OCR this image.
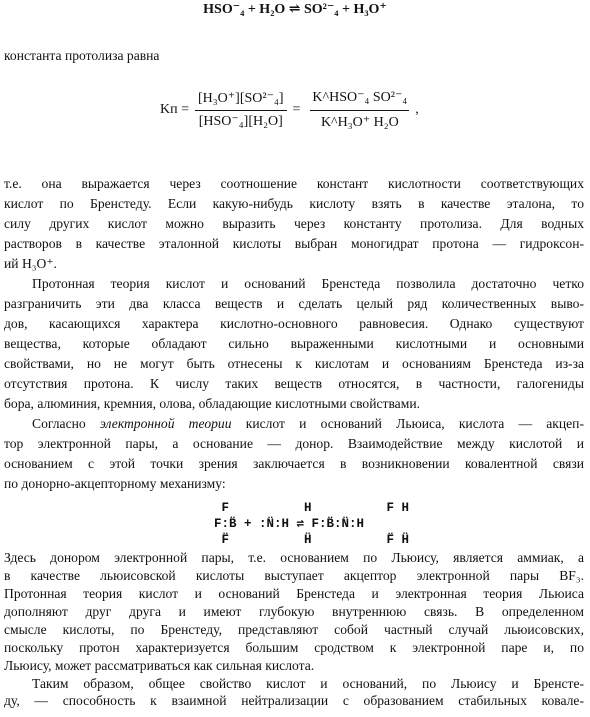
HSO⁻₄ + H₂O ⇌ SO²⁻₄ + H₃O⁺
константа протолиза равна
Kп = $\frac{\text{[H₃O⁺][SO²⁻₄]}}{\text{[HSO⁻₄][H₂O]}}$ =
K^HSO⁻₄ SO²⁻₄
K^H₃O⁺ H₂O
,
т.е. она выражается через соотношение констант кислотности соответствующих
кислот по Бренстеду. Если какую-нибудь кислоту взять в качестве эталона, то
силу других кислот можно выразить через константу протолиза. Для водных
растворов в качестве эталонной кислоты выбран моногидрат протона — гидроксон-
ий H₃O⁺.
Протонная теория кислот и оснований Бренстеда позволила достаточно четко
разграничить эти два класса веществ и сделать целый ряд количественных выво-
дов, касающихся характера кислотно-основного равновесия. Однако существуют
вещества, которые обладают сильно выраженными кислотными и основными
свойствами, но не могут быть отнесены к кислотам и основаниям Бренстеда из-за
отсутствия протона. К числу таких веществ относятся, в частности, галогениды
бора, алюминия, кремния, олова, обладающие кислотными свойствами.
Согласно электронной теории кислот и оснований Льюиса, кислота — акцеп-
тор электронной пары, а основание — донор. Взаимодействие между кислотой и
основанием с этой точки зрения заключается в возникновении ковалентной связи
по донорно-акцепторному механизму:
F          H          F H
F:B̈ + :N̈:H ⇌ F:B̈:N̈:H
F̈          Ḧ          F̈ Ḧ
Здесь донором электронной пары, т.е. основанием по Льюису, является аммиак, а
в качестве льюисовской кислоты выступает акцептор электронной пары BF₃.
Протонная теория кислот и оснований Бренстеда и электронная теория Льюиса
дополняют друг друга и имеют глубокую внутреннюю связь. В определенном
смысле кислоты, по Бренстеду, представляют собой частный случай льюисовских,
поскольку протон характеризуется большим сродством к электронной паре и, по
Льюису, может рассматриваться как сильная кислота.
Таким образом, общее свойство кислот и оснований, по Льюису и Бренсте-
ду, — способность к взаимной нейтрализации с образованием стабильных ковале-
